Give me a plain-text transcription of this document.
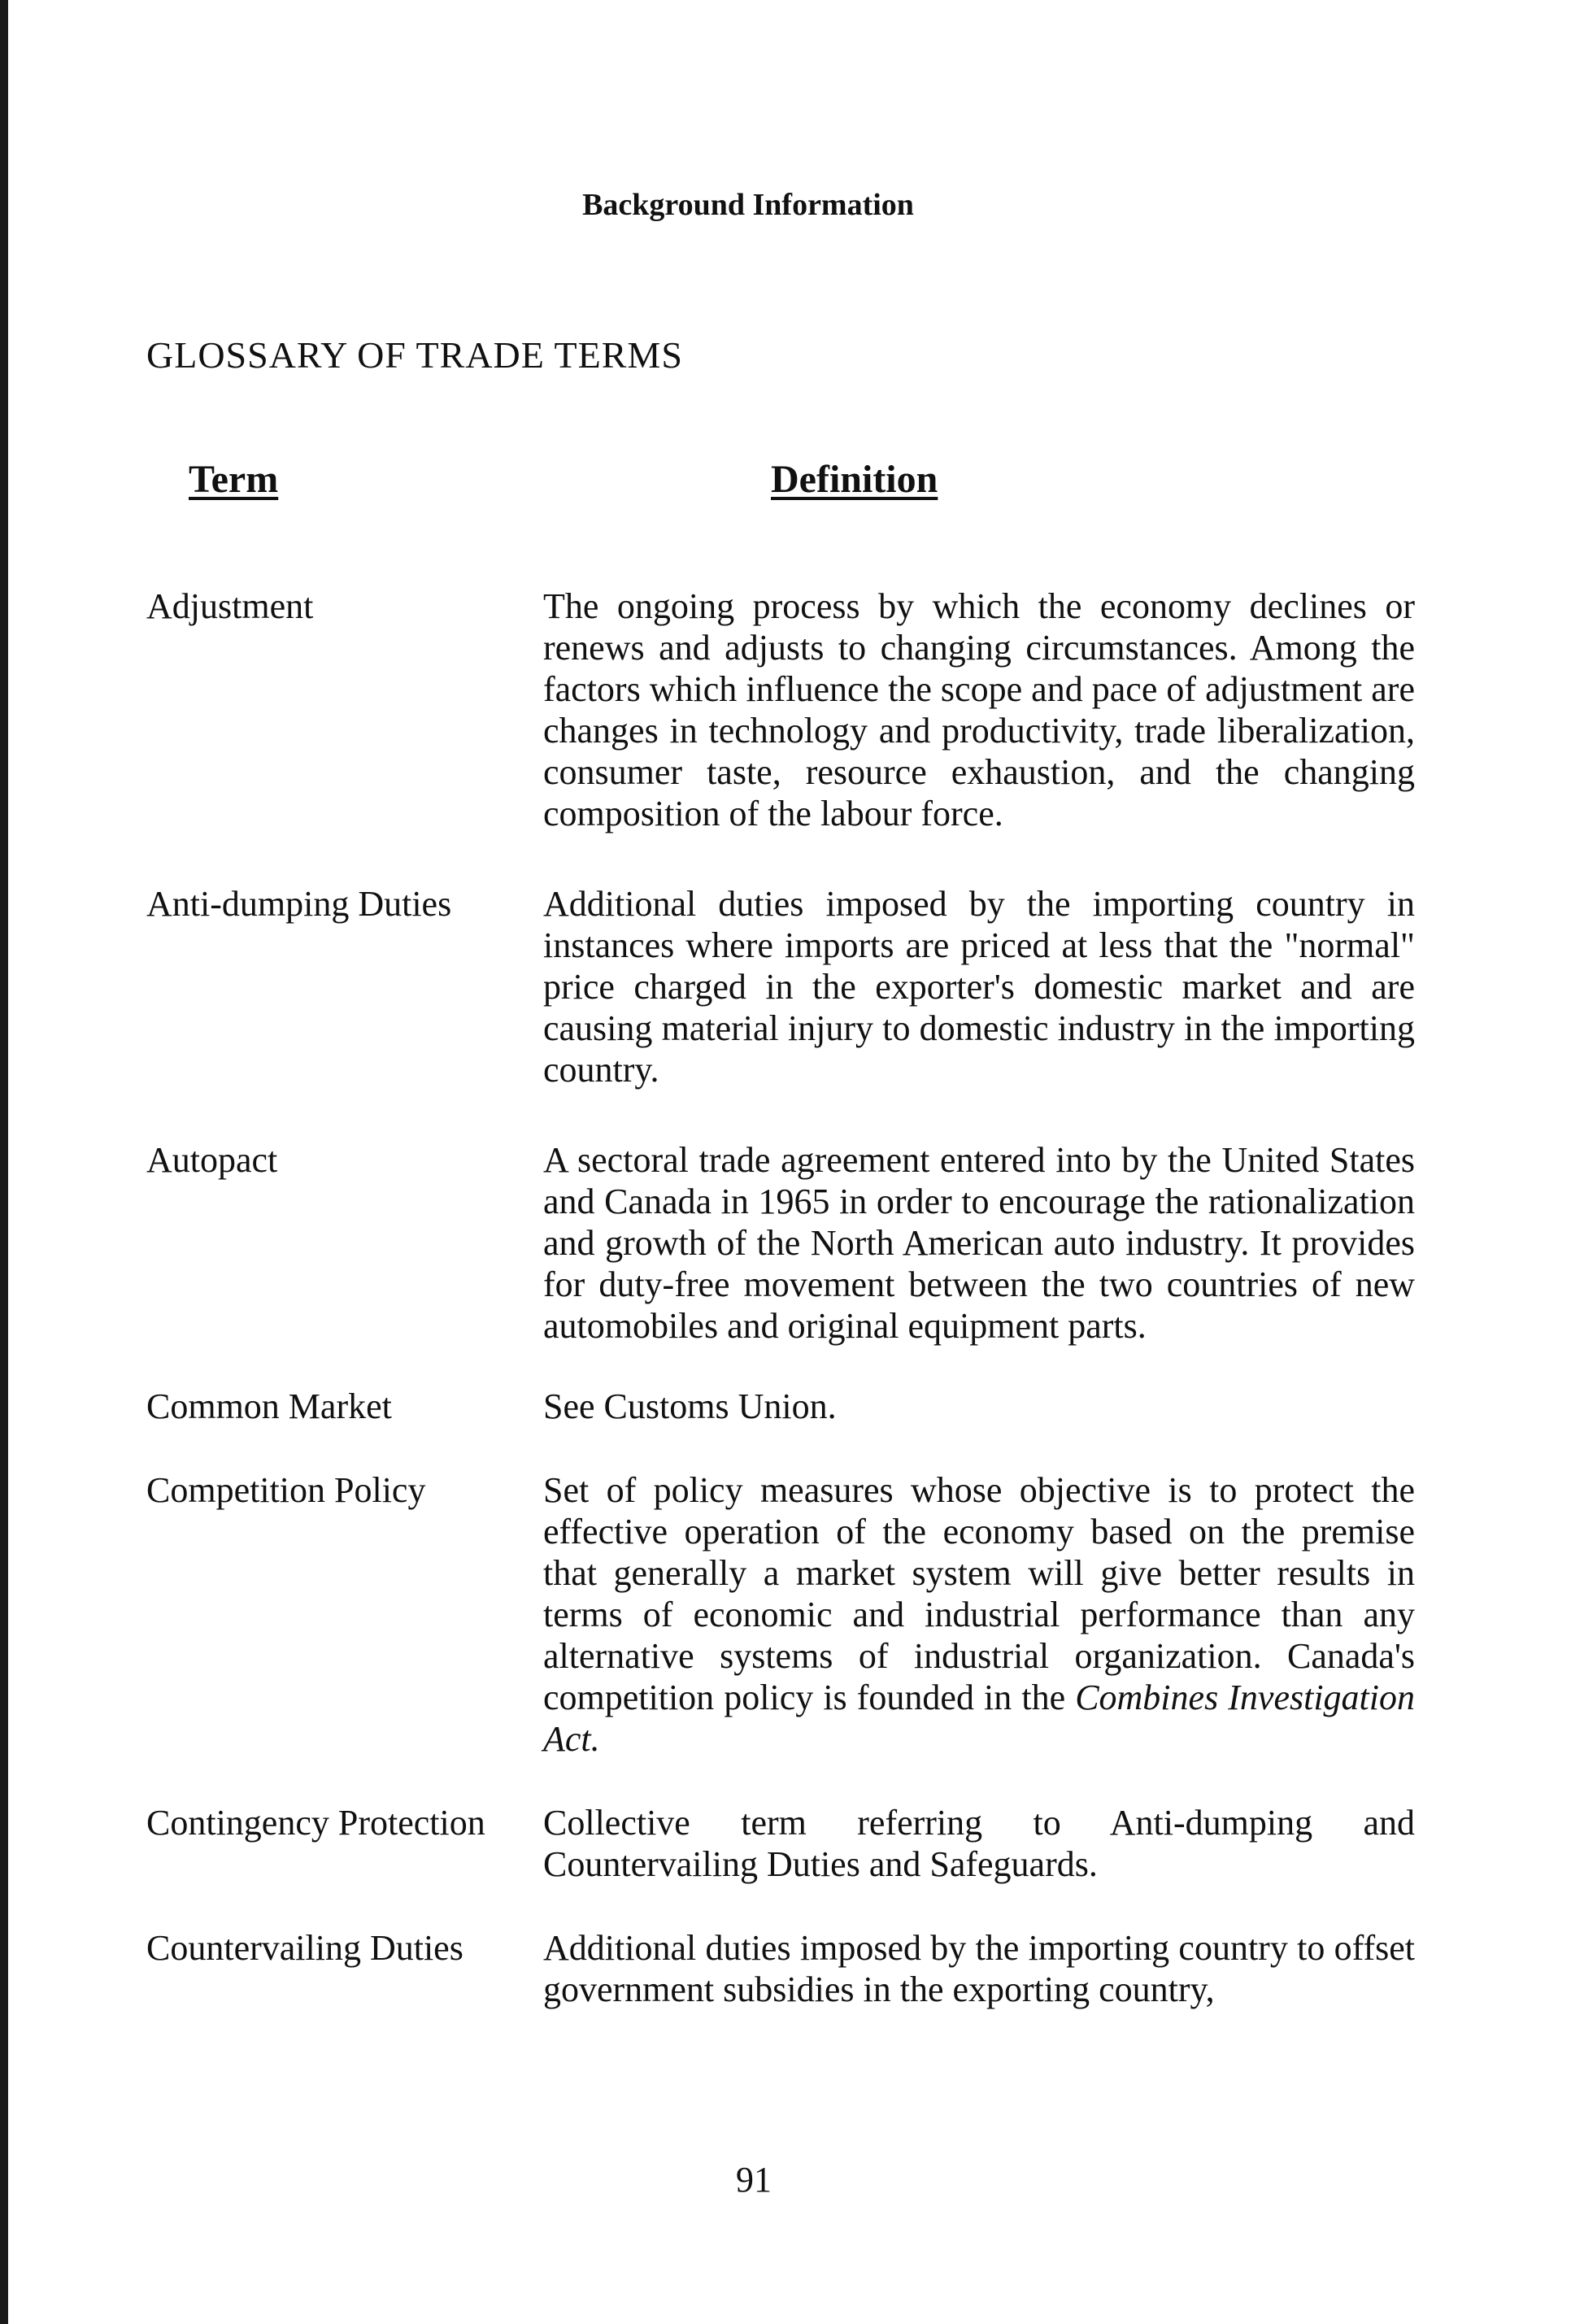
Background Information
GLOSSARY OF TRADE TERMS
Term	Definition
Adjustment	The ongoing process by which the economy declines or renews and adjusts to changing circumstances. Among the factors which influence the scope and pace of adjustment are changes in technology and productivity, trade liberalization, consumer taste, resource exhaustion, and the changing composition of the labour force.
Anti-dumping Duties	Additional duties imposed by the importing country in instances where imports are priced at less that the "normal" price charged in the exporter's domestic market and are causing material injury to domestic industry in the importing country.
Autopact	A sectoral trade agreement entered into by the United States and Canada in 1965 in order to encourage the rationalization and growth of the North American auto industry. It provides for duty-free movement between the two countries of new automobiles and original equipment parts.
Common Market	See Customs Union.
Competition Policy	Set of policy measures whose objective is to protect the effective operation of the economy based on the premise that generally a market system will give better results in terms of economic and industrial performance than any alternative systems of industrial organization. Canada's competition policy is founded in the Combines Investigation Act.
Contingency Protection	Collective term referring to Anti-dumping and Countervailing Duties and Safeguards.
Countervailing Duties	Additional duties imposed by the importing country to offset government subsidies in the exporting country,
91
